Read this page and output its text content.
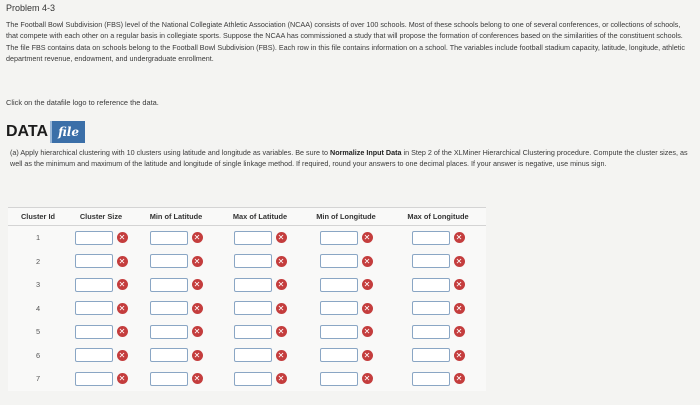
Problem 4-3
The Football Bowl Subdivision (FBS) level of the National Collegiate Athletic Association (NCAA) consists of over 100 schools. Most of these schools belong to one of several conferences, or collections of schools, that compete with each other on a regular basis in collegiate sports. Suppose the NCAA has commissioned a study that will propose the formation of conferences based on the similarities of the constituent schools. The file FBS contains data on schools belong to the Football Bowl Subdivision (FBS). Each row in this file contains information on a school. The variables include football stadium capacity, latitude, longitude, athletic department revenue, endowment, and undergraduate enrollment.
Click on the datafile logo to reference the data.
DATA file
(a) Apply hierarchical clustering with 10 clusters using latitude and longitude as variables. Be sure to Normalize Input Data in Step 2 of the XLMiner Hierarchical Clustering procedure. Compute the cluster sizes, as well as the minimum and maximum of the latitude and longitude of single linkage method. If required, round your answers to one decimal places. If your answer is negative, use minus sign.
Cluster Id	Cluster Size	Min of Latitude	Max of Latitude	Min of Longitude	Max of Longitude
1	✕	✕	✕	✕	✕

2	✕	✕	✕	✕	✕

3	✕	✕	✕	✕	✕

4	✕	✕	✕	✕	✕

5	✕	✕	✕	✕	✕

6	✕	✕	✕	✕	✕

7	✕	✕	✕	✕	✕
